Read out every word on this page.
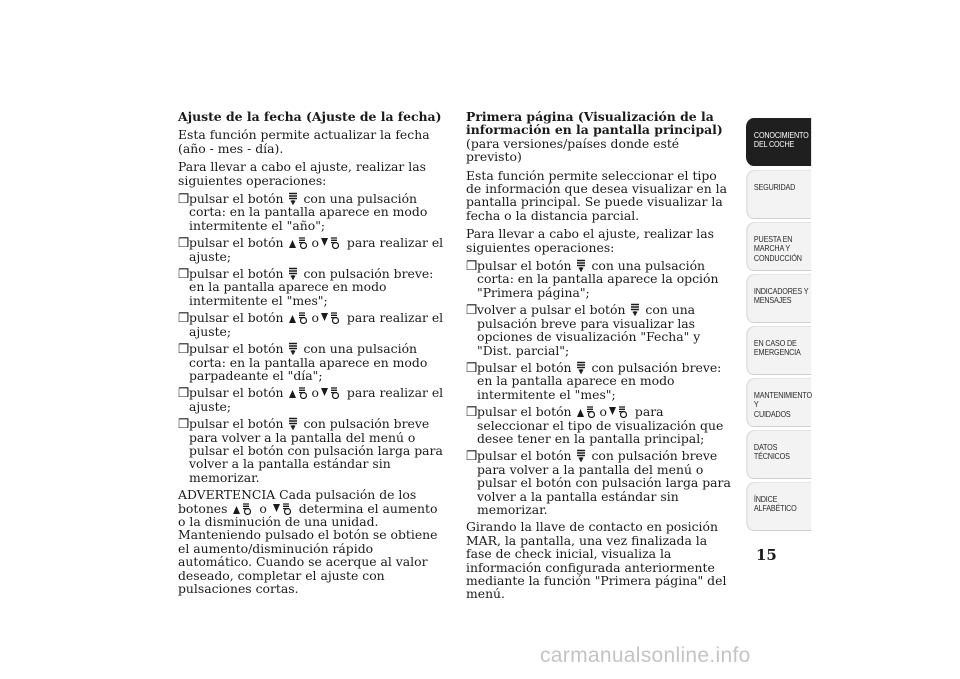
Ajuste de la fecha (Ajuste de la fecha)
Esta función permite actualizar la fecha (año - mes - día).
Para llevar a cabo el ajuste, realizar las siguientes operaciones:
❒ pulsar el botón con una pulsación corta: en la pantalla aparece en modo intermitente el "año";
❒ pulsar el botón o para realizar el ajuste;
❒ pulsar el botón con pulsación breve: en la pantalla aparece en modo intermitente el "mes";
❒ pulsar el botón o para realizar el ajuste;
❒ pulsar el botón con una pulsación corta: en la pantalla aparece en modo parpadeante el "día";
❒ pulsar el botón o para realizar el ajuste;
❒ pulsar el botón con pulsación breve para volver a la pantalla del menú o pulsar el botón con pulsación larga para volver a la pantalla estándar sin memorizar.
ADVERTENCIA Cada pulsación de los botones	o	determina el aumento o la disminución de una unidad. Manteniendo pulsado el botón se obtiene el aumento/disminución rápido automático. Cuando se acerque al valor deseado, completar el ajuste con pulsaciones cortas.
Primera página (Visualización de la información en la pantalla principal)(para versiones/países donde esté previsto)
Esta función permite seleccionar el tipo de información que desea visualizar en la pantalla principal. Se puede visualizar la fecha o la distancia parcial.
Para llevar a cabo el ajuste, realizar las siguientes operaciones:
❒ pulsar el botón con una pulsación corta: en la pantalla aparece la opción "Primera página";
❒ volver a pulsar el botón con una pulsación breve para visualizar las opciones de visualización "Fecha" y "Dist. parcial";
❒ pulsar el botón con pulsación breve: en la pantalla aparece en modo intermitente el "mes";
❒ pulsar el botón o para seleccionar el tipo de visualización que desee tener en la pantalla principal;
❒ pulsar el botón con pulsación breve para volver a la pantalla del menú o pulsar el botón con pulsación larga para volver a la pantalla estándar sin memorizar.
Girando la llave de contacto en posición MAR, la pantalla, una vez finalizada la fase de check inicial, visualiza la información configurada anteriormente mediante la función "Primera página" del menú.
CONOCIMIENTO
DEL COCHE
SEGURIDAD
PUESTA EN
MARCHA Y
CONDUCCIÓN
INDICADORES Y
MENSAJES
EN CASO DE
EMERGENCIA
MANTENIMIENTO Y
CUIDADOS
DATOS TÉCNICOS
ÍNDICE
ALFABÉTICO
15
carmanualsonline.info
